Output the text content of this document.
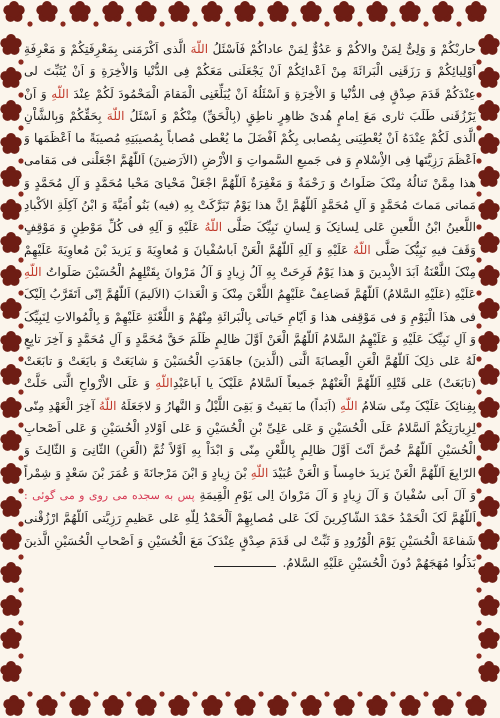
حاربْکُمْ وَ وَلِیٌّ لِمَنْ والاکُمْ وَ عَدُوٌّ لِمَنْ عاداکُمْ فَاَسْئَلُ اللّهَ الَّذى اَکْرَمَنى بِمَعْرِفَتِکُمْ وَ مَعْرِفَةِ اَوْلِیائِکُمْ وَ رَزَقَنِى الْبَرائَةَ مِنْ اَعْدائِکُمْ اَنْ یَجْعَلَنى مَعَکُمْ فِى الدُّنْیا وَالاْخِرَةِ وَ اَنْ یُثَبِّتَ لى عِنْدَکُمْ قَدَمَ صِدْقٍ فِى الدُّنْیا وَ الاْخِرَةِ وَ اَسْئَلُهُ اَنْ یُبَلِّغَنِى الْمَقامَ الْمَحْمُودَ لَکُمْ عِنْدَ اللّهِ وَ اَنْ یَرْزُقَنى طَلَبَ ثارى مَعَ اِمامٍ هُدىً ظاهِرٍ ناطِقٍ (بِالْحَقِّ) مِنْکُمْ وَ اَسْئَلُ اللّهَ بِحَقِّکُمْ وَبِالشَّاْنِ الَّذى لَکُمْ عِنْدَهُ اَنْ یُعْطِیَنى بِمُصابى بِکُمْ اَفْضَلَ ما یُعْطى مُصاباً بِمُصیبَتِهِ مُصیبَةً ما اَعْظَمَها وَ اَعْظَمَ رَزِیَّتَها فِى الاِْسْلامِ وَ فى جَمیعِ السَّمواتِ وَ الاْرْضِ (الاَرَضینَ) اَللّهُمَّ اجْعَلْنى فى مَقامى هذا مِمَّنْ تَنالُهُ مِنْکَ صَلَواتٌ وَ رَحْمَةٌ وَ مَغْفِرَةٌ اَللّهُمَّ اجْعَلْ مَحْیاىَ مَحْیا مُحَمَّدٍ وَ آلِ مُحَمَّدٍ وَ مَماتى مَماتَ مُحَمَّدٍ وَ آلِ مُحَمَّدٍ اَللّهُمَّ اِنَّ هذا یَوْمٌ تَبَرَّکَتْ بِهِ (فیه) بَنُو اُمَیَّةَ وَ ابْنُ آکِلَةِ الاَکْبادِ اللَّعینُ ابْنُ اللَّعینِ عَلى لِسانِکَ وَ لِسانِ نَبِیِّکَ صَلَّى اللّهُ عَلَیْهِ وَ آلِهِ فى کُلِّ مَوْطِنٍ وَ مَوْقِفٍ وَقَفَ فیهِ نَبِیُّکَ صَلَّى اللّهُ عَلَیْهِ وَ آلِهِ اَللّهُمَّ الْعَنْ اَباسُفْیانَ وَ مُعاوِیَةَ وَ یَزیدَ بْنَ مُعاوِیَةَ عَلَیْهِمْ مِنْکَ اللَّعْنَةُ اَبَدَ الاْبِدینَ وَ هذا یَوْمٌ فَرِحَتْ بِهِ آلُ زِیادٍ وَ آلُ مَرْوانَ بِقَتْلِهِمُ الْحُسَیْنَ صَلَواتُ اللّهِ عَلَیْهِ (عَلَیْهِ السَّلامُ) اَللّهُمَّ فَضاعِفْ عَلَیْهِمُ اللَّعْنَ مِنْکَ وَ الْعَذابَ (الاَلیمَ) اَللّهُمَّ اِنّى اَتَقَرَّبُ اِلَیْکَ فى هذَا الْیَوْمِ وَ فى مَوْقِفى هذا وَ اَیّامِ حَیاتى بِالْبَرائَةِ مِنْهُمْ وَ اللَّعْنَةِ عَلَیْهِمْ وَ بِالْمُوالاتِ لِنَبِیِّکَ وَ آلِ نَبِیِّکَ عَلَیْهِ وَ عَلَیْهِمُ السَّلامُ اَللّهُمَّ الْعَنْ اَوَّلَ ظالِمٍ ظَلَمَ حَقَّ مُحَمَّدٍ وَ آلِ مُحَمَّدٍ وَ آخِرَ تابِعٍ لَهُ عَلى ذلِکَ اَللّهُمَّ الْعَنِ الْعِصابَةَ الَّتى (الَّذینَ) جاهَدَتِ الْحُسَیْنَ وَ شایَعَتْ وَ بایَعَتْ وَ تابَعَتْ (تابَعَتْ) عَلى قَتْلِهِ اَللّهُمَّ الْعَنْهُمْ جَمیعاً اَلسَّلامُ عَلَیْکَ یا اَباعَبْدِاللّهِ وَ عَلَى الاَْرْواحِ الَّتى حَلَّتْ بِفِنائِکَ عَلَیْکَ مِنّى سَلامُ اللّهِ (اَبَداً) ما بَقیتُ وَ بَقِىَ اللَّیْلُ وَ النَّهارُ وَ لاجَعَلَهُ اللّهُ آخِرَ الْعَهْدِ مِنّى لِزِیارَتِکُمْ اَلسَّلامُ عَلَى الْحُسَیْنِ وَ عَلى عَلِىِّ بْنِ الْحُسَیْنِ وَ عَلى اَوْلادِ الْحُسَیْنِ وَ عَلى اَصْحابِ الْحُسَیْنِ اَللّهُمَّ خُصَّ اَنْتَ اَوَّلَ ظالِمٍ بِاللَّعْنِ مِنّى وَ ابْدَاْ بِهِ اَوَّلاً ثُمَّ (الْعَنِ) الثّانِىَ وَ الثّالِثَ وَ الرّابِعَ اَللّهُمَّ الْعَنْ یَزیدَ خامِساً وَ الْعَنْ عُبَیْدَ اللّهِ بْنَ زِیادٍ وَ ابْنَ مَرْجانَةَ وَ عُمَرَ بْنَ سَعْدٍ وَ شِمْراً وَ آلَ اَبى سُفْیانَ وَ آلَ زِیادٍ وَ آلَ مَرْوانَ اِلى یَوْمِ الْقِیمَةِ پس به سجده مى روى و مى گوئى : اَللّهُمَّ لَکَ الْحَمْدُ حَمْدَ الشّاکِرینَ لَکَ عَلى مُصابِهِمْ اَلْحَمْدُ لِلّهِ عَلى عَظیمِ رَزِیَّتى اَللّهُمَّ ارْزُقْنى شَفاعَةَ الْحُسَیْنِ یَوْمَ الْوُرُودِ وَ ثَبِّتْ لى قَدَمَ صِدْقٍ عِنْدَکَ مَعَ الْحُسَیْنِ وَ اَصْحابِ الْحُسَیْنِ الَّذینَ بَذَلُوا مُهَجَهُمْ دُونَ الْحُسَیْنِ عَلَیْهِ السَّلامُ.
